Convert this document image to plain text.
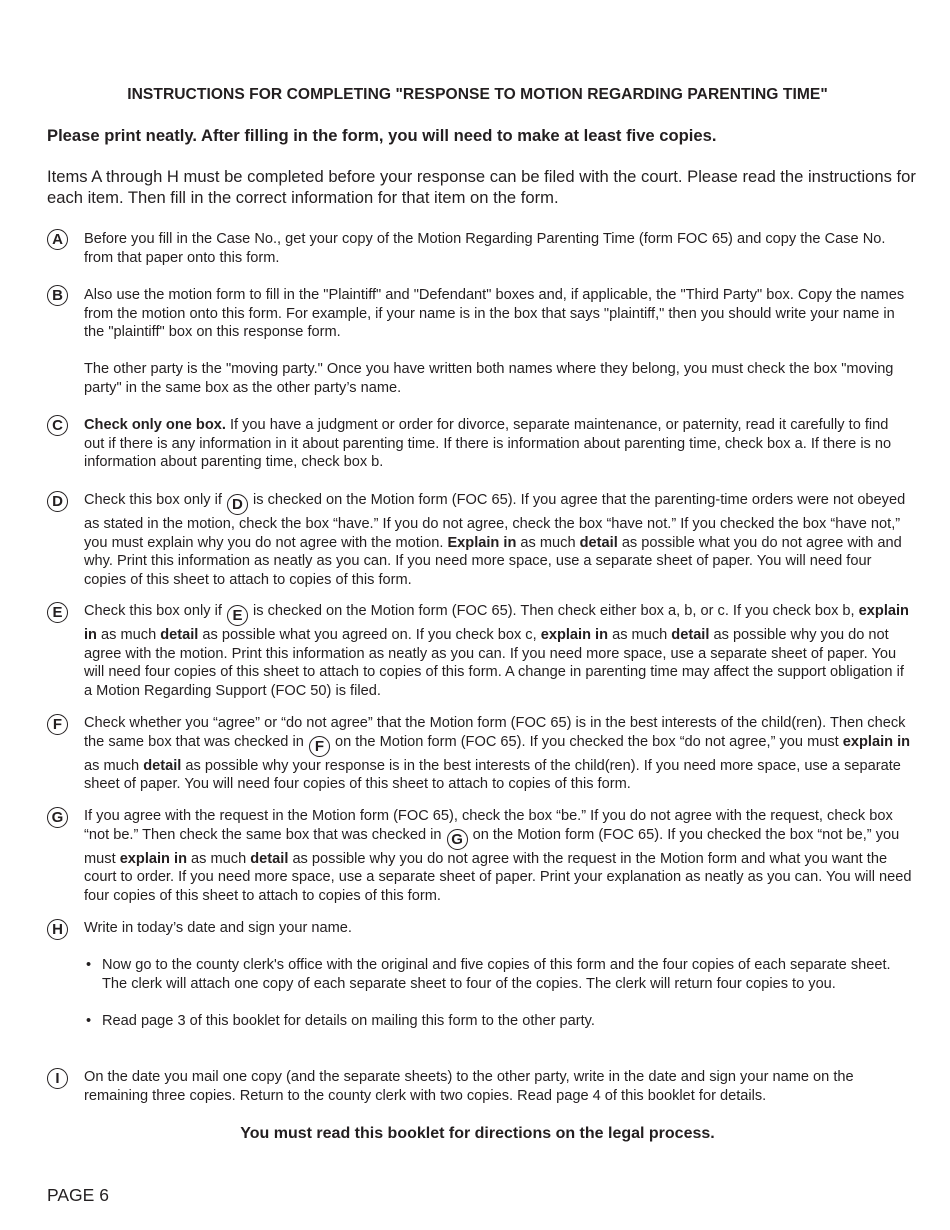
INSTRUCTIONS FOR COMPLETING "RESPONSE TO MOTION REGARDING PARENTING TIME"
Please print neatly. After filling in the form, you will need to make at least five copies.
Items A through H must be completed before your response can be filed with the court. Please read the instructions for each item. Then fill in the correct information for that item on the form.
A	Before you fill in the Case No., get your copy of the Motion Regarding Parenting Time (form FOC 65) and copy the Case No. from that paper onto this form.

B	Also use the motion form to fill in the "Plaintiff" and "Defendant" boxes and, if applicable, the "Third Party" box. Copy the names from the motion onto this form. For example, if your name is in the box that says "plaintiff," then you should write your name in the "plaintiff" box on this response form.

The other party is the "moving party." Once you have written both names where they belong, you must check the box "moving party" in the same box as the other party’s name.

C	Check only one box. If you have a judgment or order for divorce, separate maintenance, or paternity, read it carefully to find out if there is any information in it about parenting time. If there is information about parenting time, check box a. If there is no information about parenting time, check box b.

D	Check this box only if D is checked on the Motion form (FOC 65). If you agree that the parenting-time orders were not obeyed as stated in the motion, check the box “have.” If you do not agree, check the box “have not.” If you checked the box “have not,” you must explain why you do not agree with the motion. Explain in as much detail as possible what you do not agree with and why. Print this information as neatly as you can. If you need more space, use a separate sheet of paper. You will need four copies of this sheet to attach to copies of this form.

E	Check this box only if E is checked on the Motion form (FOC 65). Then check either box a, b, or c. If you check box b, explain in as much detail as possible what you agreed on. If you check box c, explain in as much detail as possible why you do not agree with the motion. Print this information as neatly as you can. If you need more space, use a separate sheet of paper. You will need four copies of this sheet to attach to copies of this form. A change in parenting time may affect the support obligation if a Motion Regarding Support (FOC 50) is filed.

F	Check whether you “agree” or “do not agree” that the Motion form (FOC 65) is in the best interests of the child(ren). Then check the same box that was checked in F on the Motion form (FOC 65). If you checked the box “do not agree,” you must explain in as much detail as possible why your response is in the best interests of the child(ren). If you need more space, use a separate sheet of paper. You will need four copies of this sheet to attach to copies of this form.

G	If you agree with the request in the Motion form (FOC 65), check the box “be.” If you do not agree with the request, check box “not be.” Then check the same box that was checked in G on the Motion form (FOC 65). If you checked the box “not be,” you must explain in as much detail as possible why you do not agree with the request in the Motion form and what you want the court to order. If you need more space, use a separate sheet of paper. Print your explanation as neatly as you can. You will need four copies of this sheet to attach to copies of this form.

H	Write in today’s date and sign your name.

• Now go to the county clerk's office with the original and five copies of this form and the four copies of each separate sheet. The clerk will attach one copy of each separate sheet to four of the copies. The clerk will return four copies to you.
• Read page 3 of this booklet for details on mailing this form to the other party.
I	On the date you mail one copy (and the separate sheets) to the other party, write in the date and sign your name on the remaining three copies. Return to the county clerk with two copies. Read page 4 of this booklet for details.

You must read this booklet for directions on the legal process.
PAGE 6
